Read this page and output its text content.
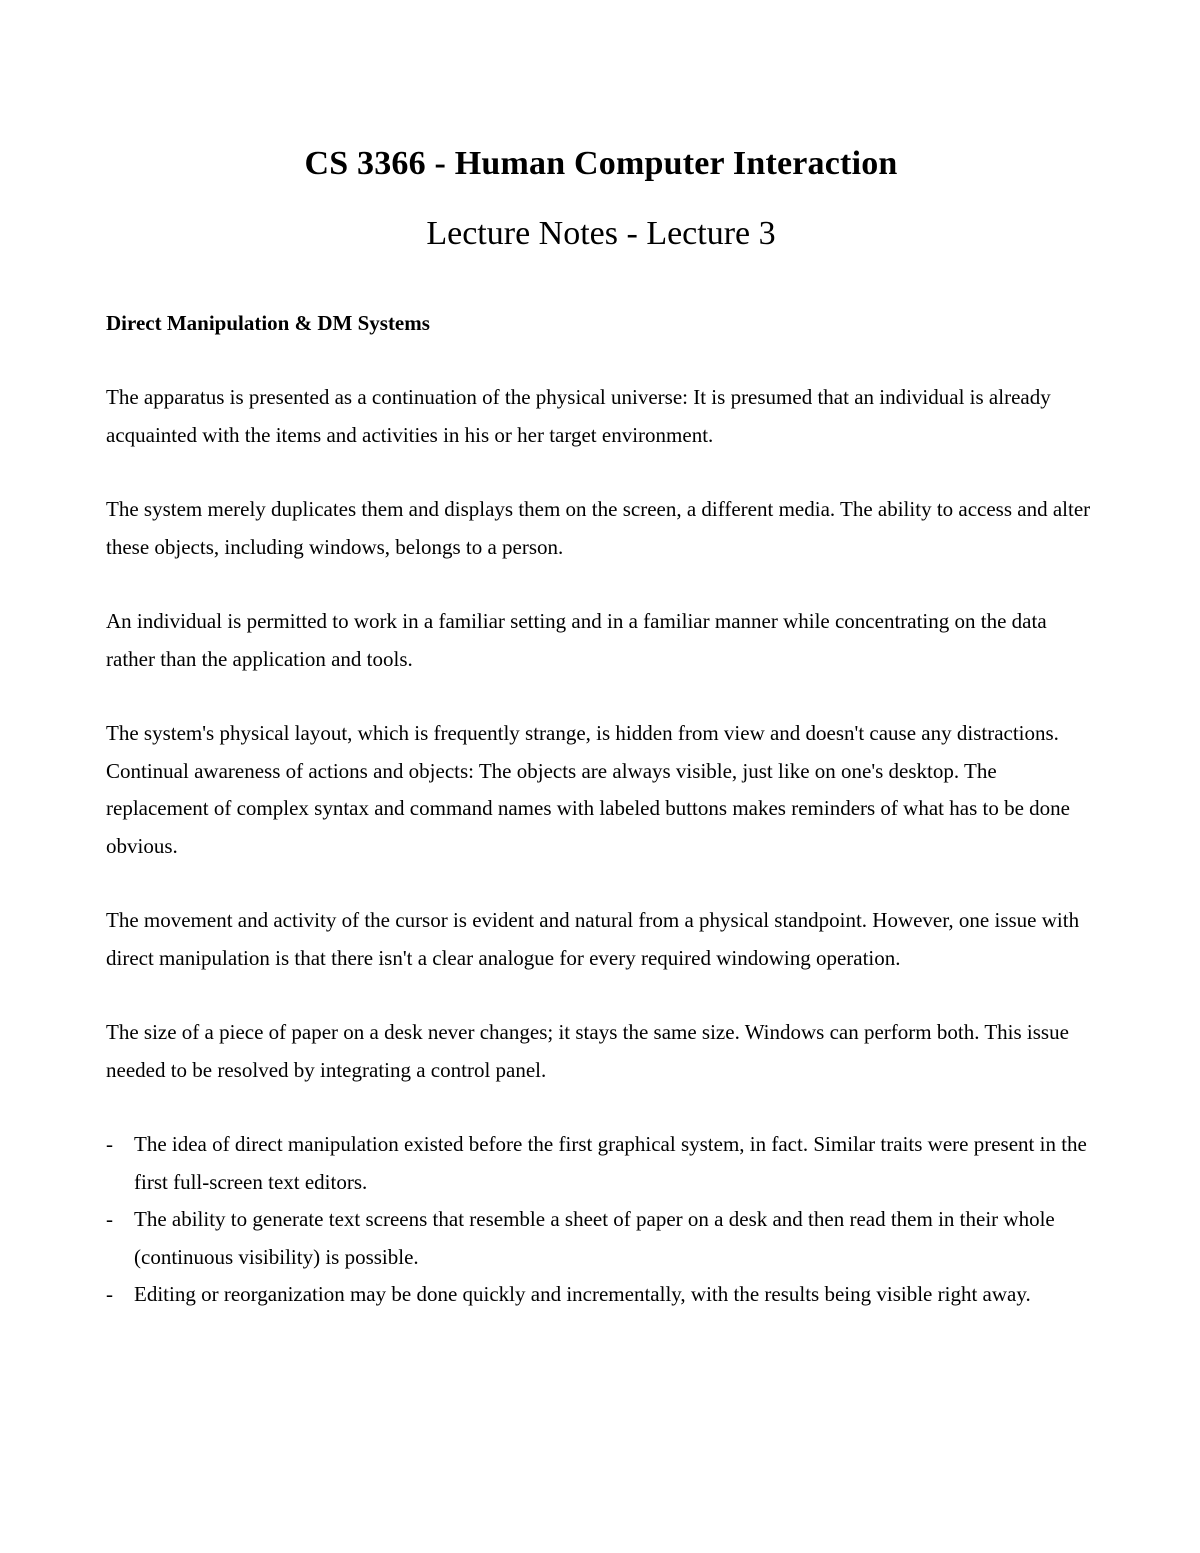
CS 3366 - Human Computer Interaction
Lecture Notes - Lecture 3
Direct Manipulation & DM Systems

The apparatus is presented as a continuation of the physical universe: It is presumed that an individual is already acquainted with the items and activities in his or her target environment.

The system merely duplicates them and displays them on the screen, a different media. The ability to access and alter these objects, including windows, belongs to a person.

An individual is permitted to work in a familiar setting and in a familiar manner while concentrating on the data rather than the application and tools.

The system's physical layout, which is frequently strange, is hidden from view and doesn't cause any distractions.

Continual awareness of actions and objects: The objects are always visible, just like on one's desktop. The replacement of complex syntax and command names with labeled buttons makes reminders of what has to be done obvious.

The movement and activity of the cursor is evident and natural from a physical standpoint. However, one issue with direct manipulation is that there isn't a clear analogue for every required windowing operation.

The size of a piece of paper on a desk never changes; it stays the same size. Windows can perform both. This issue needed to be resolved by integrating a control panel.

-	The idea of direct manipulation existed before the first graphical system, in fact. Similar traits were present in the first full-screen text editors.
-	The ability to generate text screens that resemble a sheet of paper on a desk and then read them in their whole (continuous visibility) is possible.
-	Editing or reorganization may be done quickly and incrementally, with the results being visible right away.
